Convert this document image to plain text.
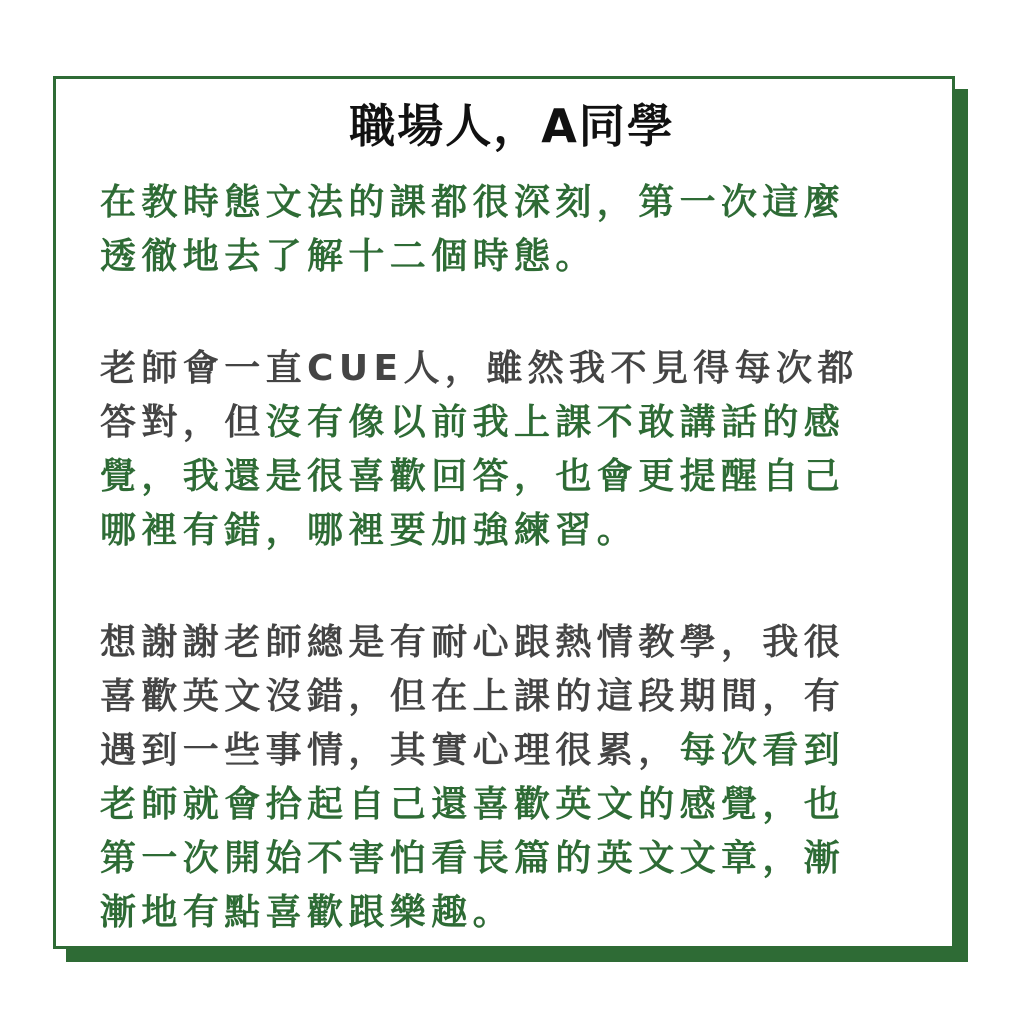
職場人，A同學
在教時態文法的課都很深刻，第一次這麼
透徹地去了解十二個時態。
老師會一直CUE人，雖然我不見得每次都
答對，但沒有像以前我上課不敢講話的感
覺，我還是很喜歡回答，也會更提醒自己
哪裡有錯，哪裡要加強練習。
想謝謝老師總是有耐心跟熱情教學，我很
喜歡英文沒錯，但在上課的這段期間，有
遇到一些事情，其實心理很累，每次看到
老師就會拾起自己還喜歡英文的感覺，也
第一次開始不害怕看長篇的英文文章，漸
漸地有點喜歡跟樂趣。
